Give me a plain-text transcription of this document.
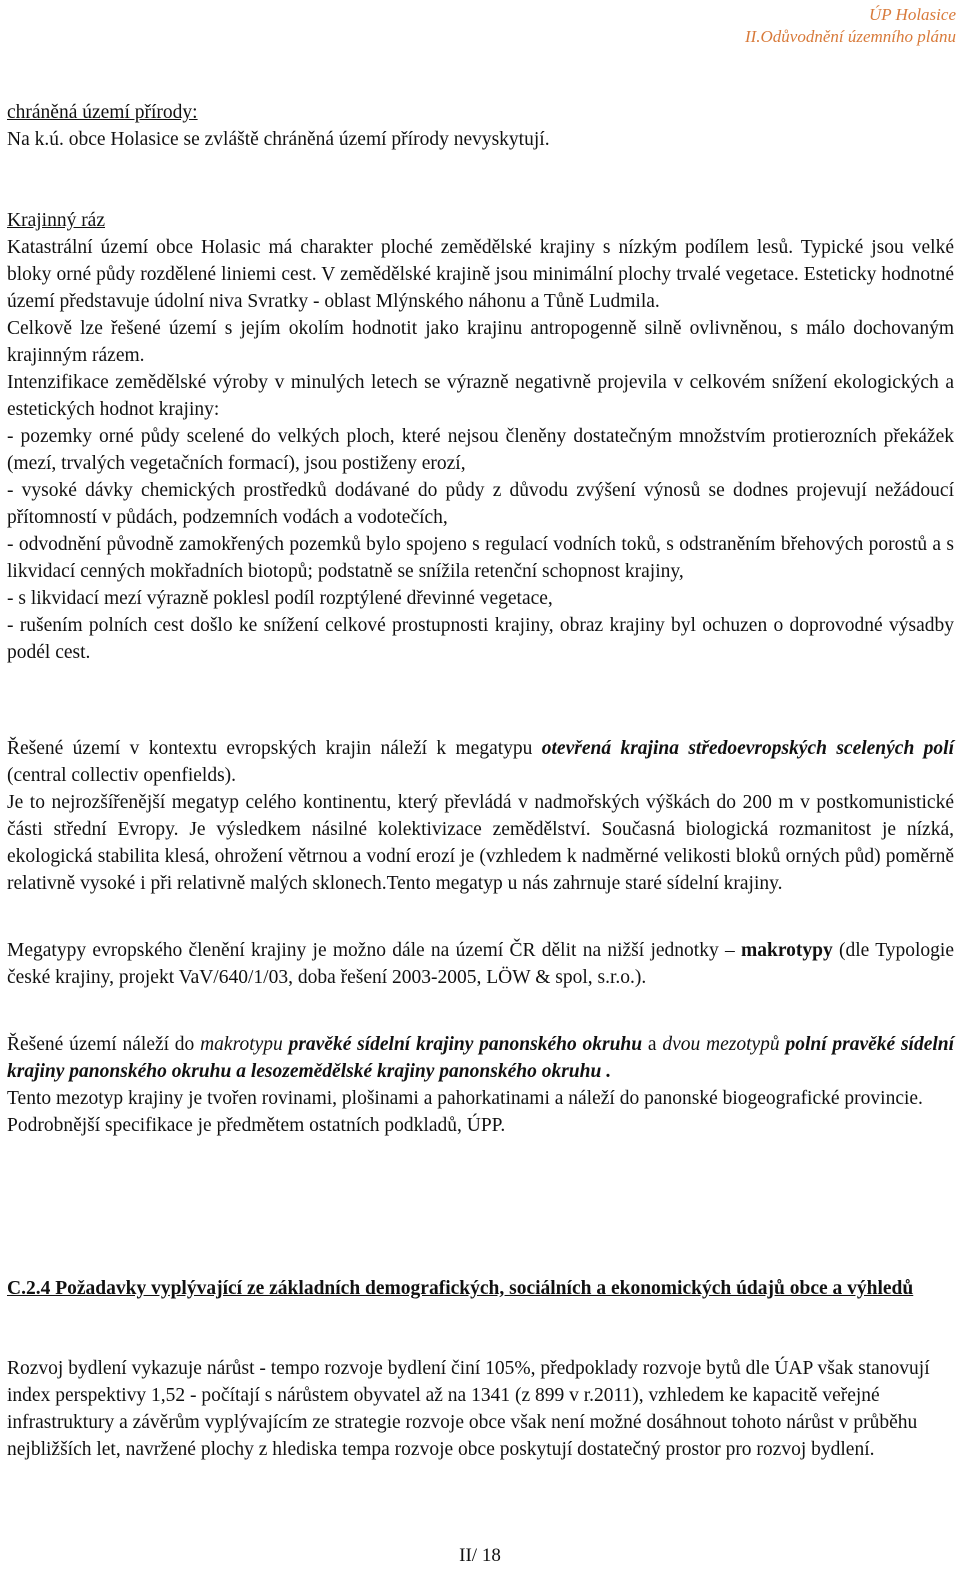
ÚP Holasice
II.Odůvodnění územního plánu
chráněná území přírody:
Na k.ú. obce Holasice se zvláště chráněná území přírody nevyskytují.
Krajinný ráz
Katastrální území obce Holasic má charakter ploché zemědělské krajiny s nízkým podílem lesů. Typické jsou velké bloky orné půdy rozdělené liniemi cest. V zemědělské krajině jsou minimální plochy trvalé vegetace. Esteticky hodnotné území představuje údolní niva Svratky - oblast Mlýnského náhonu a Tůně Ludmila.
Celkově lze řešené území s jejím okolím hodnotit jako krajinu antropogenně silně ovlivněnou, s málo dochovaným krajinným rázem.
Intenzifikace zemědělské výroby v minulých letech se výrazně negativně projevila v celkovém snížení ekologických a estetických hodnot krajiny:
- pozemky orné půdy scelené do velkých ploch, které nejsou členěny dostatečným množstvím protierozních překážek (mezí, trvalých vegetačních formací), jsou postiženy erozí,
- vysoké dávky chemických prostředků dodávané do půdy z důvodu zvýšení výnosů se dodnes projevují nežádoucí přítomností v půdách, podzemních vodách a vodotečích,
- odvodnění původně zamokřených pozemků bylo spojeno s regulací vodních toků, s odstraněním břehových porostů a s likvidací cenných mokřadních biotopů; podstatně se snížila retenční schopnost krajiny,
- s likvidací mezí výrazně poklesl podíl rozptýlené dřevinné vegetace,
- rušením polních cest došlo ke snížení celkové prostupnosti krajiny, obraz krajiny byl ochuzen o doprovodné výsadby podél cest.
Řešené území v kontextu evropských krajin náleží k megatypu otevřená krajina středoevropských scelených polí (central collectiv openfields).
Je to nejrozšířenější megatyp celého kontinentu, který převládá v nadmořských výškách do 200 m v postkomunistické části střední Evropy. Je výsledkem násilné kolektivizace zemědělství. Současná biologická rozmanitost je nízká, ekologická stabilita klesá, ohrožení větrnou a vodní erozí je (vzhledem k nadměrné velikosti bloků orných půd) poměrně relativně vysoké i při relativně malých sklonech.Tento megatyp u nás zahrnuje staré sídelní krajiny.
Megatypy evropského členění krajiny je možno dále na území ČR dělit na nižší jednotky – makrotypy (dle Typologie české krajiny, projekt VaV/640/1/03, doba řešení 2003-2005, LÖW & spol, s.r.o.).
Řešené území náleží do makrotypu pravěké sídelní krajiny panonského okruhu a dvou mezotypů polní pravěké sídelní krajiny panonského okruhu a lesozemědělské krajiny panonského okruhu .
Tento mezotyp krajiny je tvořen rovinami, plošinami a pahorkatinami a náleží do panonské biogeografické provincie.
Podrobnější specifikace je předmětem ostatních podkladů, ÚPP.
C.2.4 Požadavky vyplývající ze základních demografických, sociálních a ekonomických údajů obce a výhledů
Rozvoj bydlení vykazuje nárůst - tempo rozvoje bydlení činí 105%, předpoklady rozvoje bytů dle ÚAP však stanovují index perspektivy 1,52 - počítají s nárůstem obyvatel až na 1341 (z 899 v r.2011), vzhledem ke kapacitě veřejné infrastruktury a závěrům vyplývajícím ze strategie rozvoje obce však není možné dosáhnout tohoto nárůst v průběhu nejbližších let, navržené plochy z hlediska tempa rozvoje obce poskytují dostatečný prostor pro rozvoj bydlení.
II/ 18
